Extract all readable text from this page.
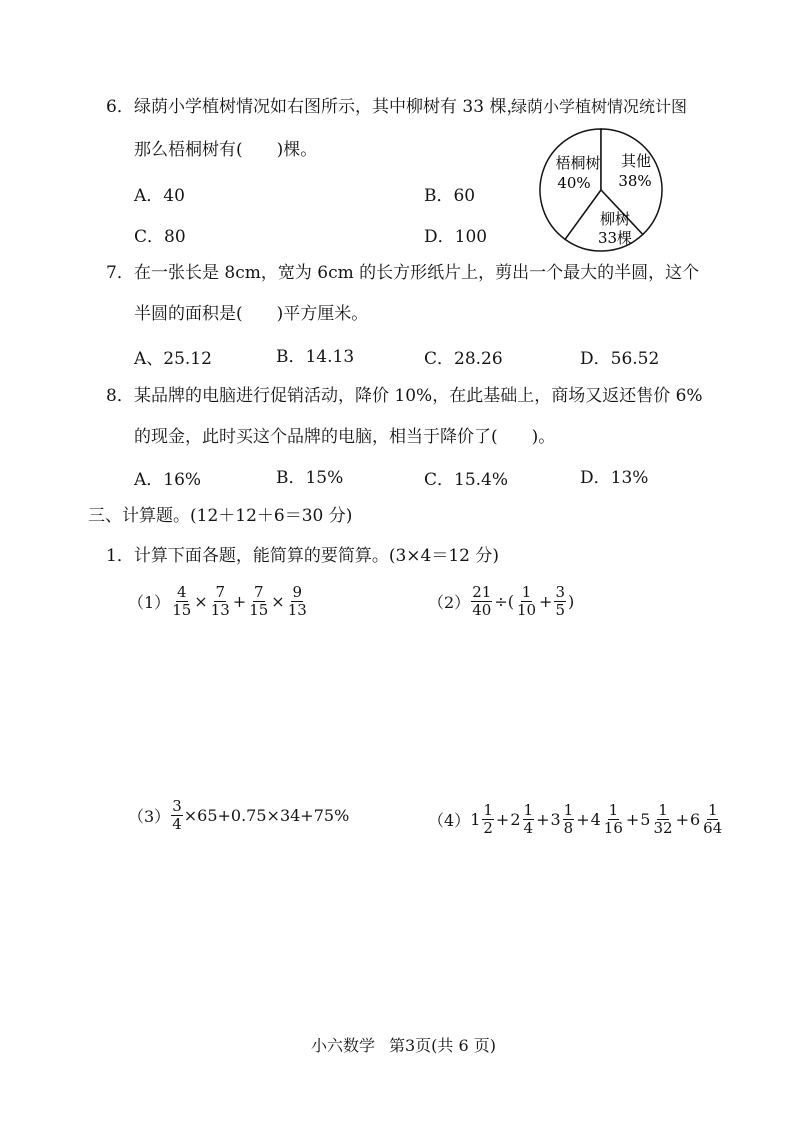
6． 绿荫小学植树情况如右图所示，其中柳树有 33 棵，
那么梧桐树有(　　)棵。
A．40	B．60
C．80	D．100
绿荫小学植树情况统计图
梧桐树
40%
其他
38%
柳树
33棵
7． 在一张长是 8cm，宽为 6cm 的长方形纸片上，剪出一个最大的半圆，这个
半圆的面积是(　　)平方厘米。
A、25.12	B．14.13	C．28.26	D．56.52
8． 某品牌的电脑进行促销活动，降价 10%，在此基础上，商场又返还售价 6%
的现金，此时买这个品牌的电脑，相当于降价了(　　)。
A．16%	B．15%	C．15.4%	D．13%
三、计算题。(12＋12＋6＝30 分)
1．计算下面各题，能简算的要简算。(3×4＝12 分)
$(1) \frac{4}{15} \times \frac{7}{13} + \frac{7}{15} \times \frac{9}{13}$	$(2) \frac{21}{40}$ ÷( $\frac{1}{10} + \frac{3}{5}$ )
$(3) \frac{3}{4} \times 65+0.75\times 34+75\%$	（4） $1 \frac{1}{2} + 2 \frac{1}{4} + 3 \frac{1}{8} + 4 \frac{1}{16} + 5 \frac{1}{32} + 6 \frac{1}{64}$
小六数学 第3页(共 6 页)
